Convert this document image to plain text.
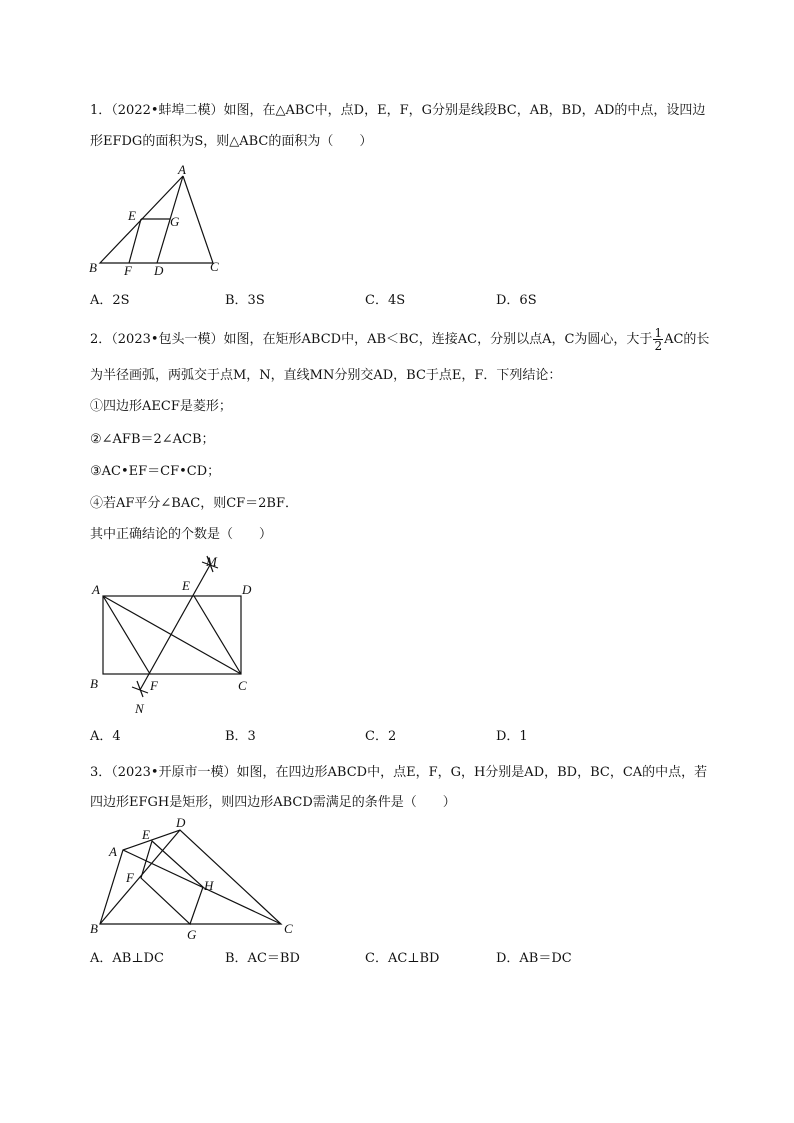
1．（2022•蚌埠二模）如图，在△ABC中，点D，E，F，G分别是线段BC，AB，BD，AD的中点，设四边
形EFDG的面积为S，则△ABC的面积为（　　）
A
E	G
B F D	C
A．2S	B．3S	C．4S	D．6S
2．（2023•包头一模）如图，在矩形ABCD中，AB＜BC，连接AC，分别以点A，C为圆心，大于 $\frac{1}{2}$ AC的长
为半径画弧，两弧交于点M，N，直线MN分别交AD，BC于点E，F．下列结论：
①四边形AECF是菱形；
②∠AFB＝2∠ACB；
③AC•EF＝CF•CD；
④若AF平分∠BAC，则CF＝2BF．
其中正确结论的个数是（　　）
M
A	E	D
B	F	C
N
A．4	B．3	C．2	D．1
3．（2023•开原市一模）如图，在四边形ABCD中，点E，F，G，H分别是AD，BD，BC，CA的中点，若
四边形EFGH是矩形，则四边形ABCD需满足的条件是（　　）
E
D
A
F
H
B	G	C
A．AB⊥DC	B．AC＝BD	C．AC⊥BD	D．AB＝DC
